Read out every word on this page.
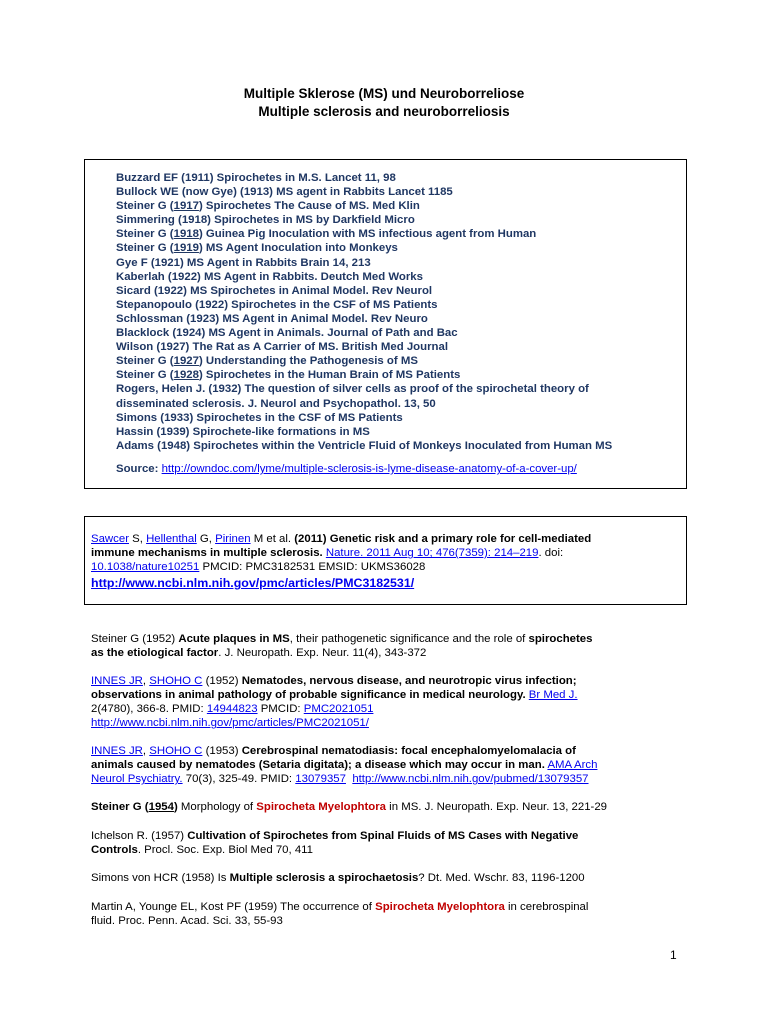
Multiple Sklerose (MS) und Neuroborreliose
Multiple sclerosis and neuroborreliosis
Buzzard EF (1911) Spirochetes in M.S. Lancet 11, 98
Bullock WE (now Gye) (1913) MS agent in Rabbits Lancet 1185
Steiner G (1917) Spirochetes The Cause of MS. Med Klin
Simmering (1918) Spirochetes in MS by Darkfield Micro
Steiner G (1918) Guinea Pig Inoculation with MS infectious agent from Human
Steiner G (1919) MS Agent Inoculation into Monkeys
Gye F (1921) MS Agent in Rabbits Brain 14, 213
Kaberlah (1922) MS Agent in Rabbits. Deutch Med Works
Sicard (1922) MS Spirochetes in Animal Model. Rev Neurol
Stepanopoulo (1922) Spirochetes in the CSF of MS Patients
Schlossman (1923) MS Agent in Animal Model. Rev Neuro
Blacklock (1924) MS Agent in Animals. Journal of Path and Bac
Wilson (1927) The Rat as A Carrier of MS. British Med Journal
Steiner G (1927) Understanding the Pathogenesis of MS
Steiner G (1928) Spirochetes in the Human Brain of MS Patients
Rogers, Helen J. (1932) The question of silver cells as proof of the spirochetal theory of
disseminated sclerosis. J. Neurol and Psychopathol. 13, 50
Simons (1933) Spirochetes in the CSF of MS Patients
Hassin (1939) Spirochete-like formations in MS
Adams (1948) Spirochetes within the Ventricle Fluid of Monkeys Inoculated from Human MS
Source: http://owndoc.com/lyme/multiple-sclerosis-is-lyme-disease-anatomy-of-a-cover-up/
Sawcer S, Hellenthal G, Pirinen M et al. (2011) Genetic risk and a primary role for cell-mediated
immune mechanisms in multiple sclerosis. Nature. 2011 Aug 10; 476(7359): 214–219. doi:
10.1038/nature10251 PMCID: PMC3182531 EMSID: UKMS36028
http://www.ncbi.nlm.nih.gov/pmc/articles/PMC3182531/
Steiner G (1952) Acute plaques in MS, their pathogenetic significance and the role of spirochetes
as the etiological factor. J. Neuropath. Exp. Neur. 11(4), 343-372
INNES JR, SHOHO C (1952) Nematodes, nervous disease, and neurotropic virus infection;
observations in animal pathology of probable significance in medical neurology. Br Med J.
2(4780), 366-8. PMID: 14944823 PMCID: PMC2021051
http://www.ncbi.nlm.nih.gov/pmc/articles/PMC2021051/
INNES JR, SHOHO C (1953) Cerebrospinal nematodiasis: focal encephalomyelomalacia of
animals caused by nematodes (Setaria digitata); a disease which may occur in man. AMA Arch
Neurol Psychiatry. 70(3), 325-49. PMID: 13079357 http://www.ncbi.nlm.nih.gov/pubmed/13079357
Steiner G (1954) Morphology of Spirocheta Myelophtora in MS. J. Neuropath. Exp. Neur. 13, 221-29
Ichelson R. (1957) Cultivation of Spirochetes from Spinal Fluids of MS Cases with Negative
Controls. Procl. Soc. Exp. Biol Med 70, 411
Simons von HCR (1958) Is Multiple sclerosis a spirochaetosis? Dt. Med. Wschr. 83, 1196-1200
Martin A, Younge EL, Kost PF (1959) The occurrence of Spirocheta Myelophtora in cerebrospinal
fluid. Proc. Penn. Acad. Sci. 33, 55-93
1
